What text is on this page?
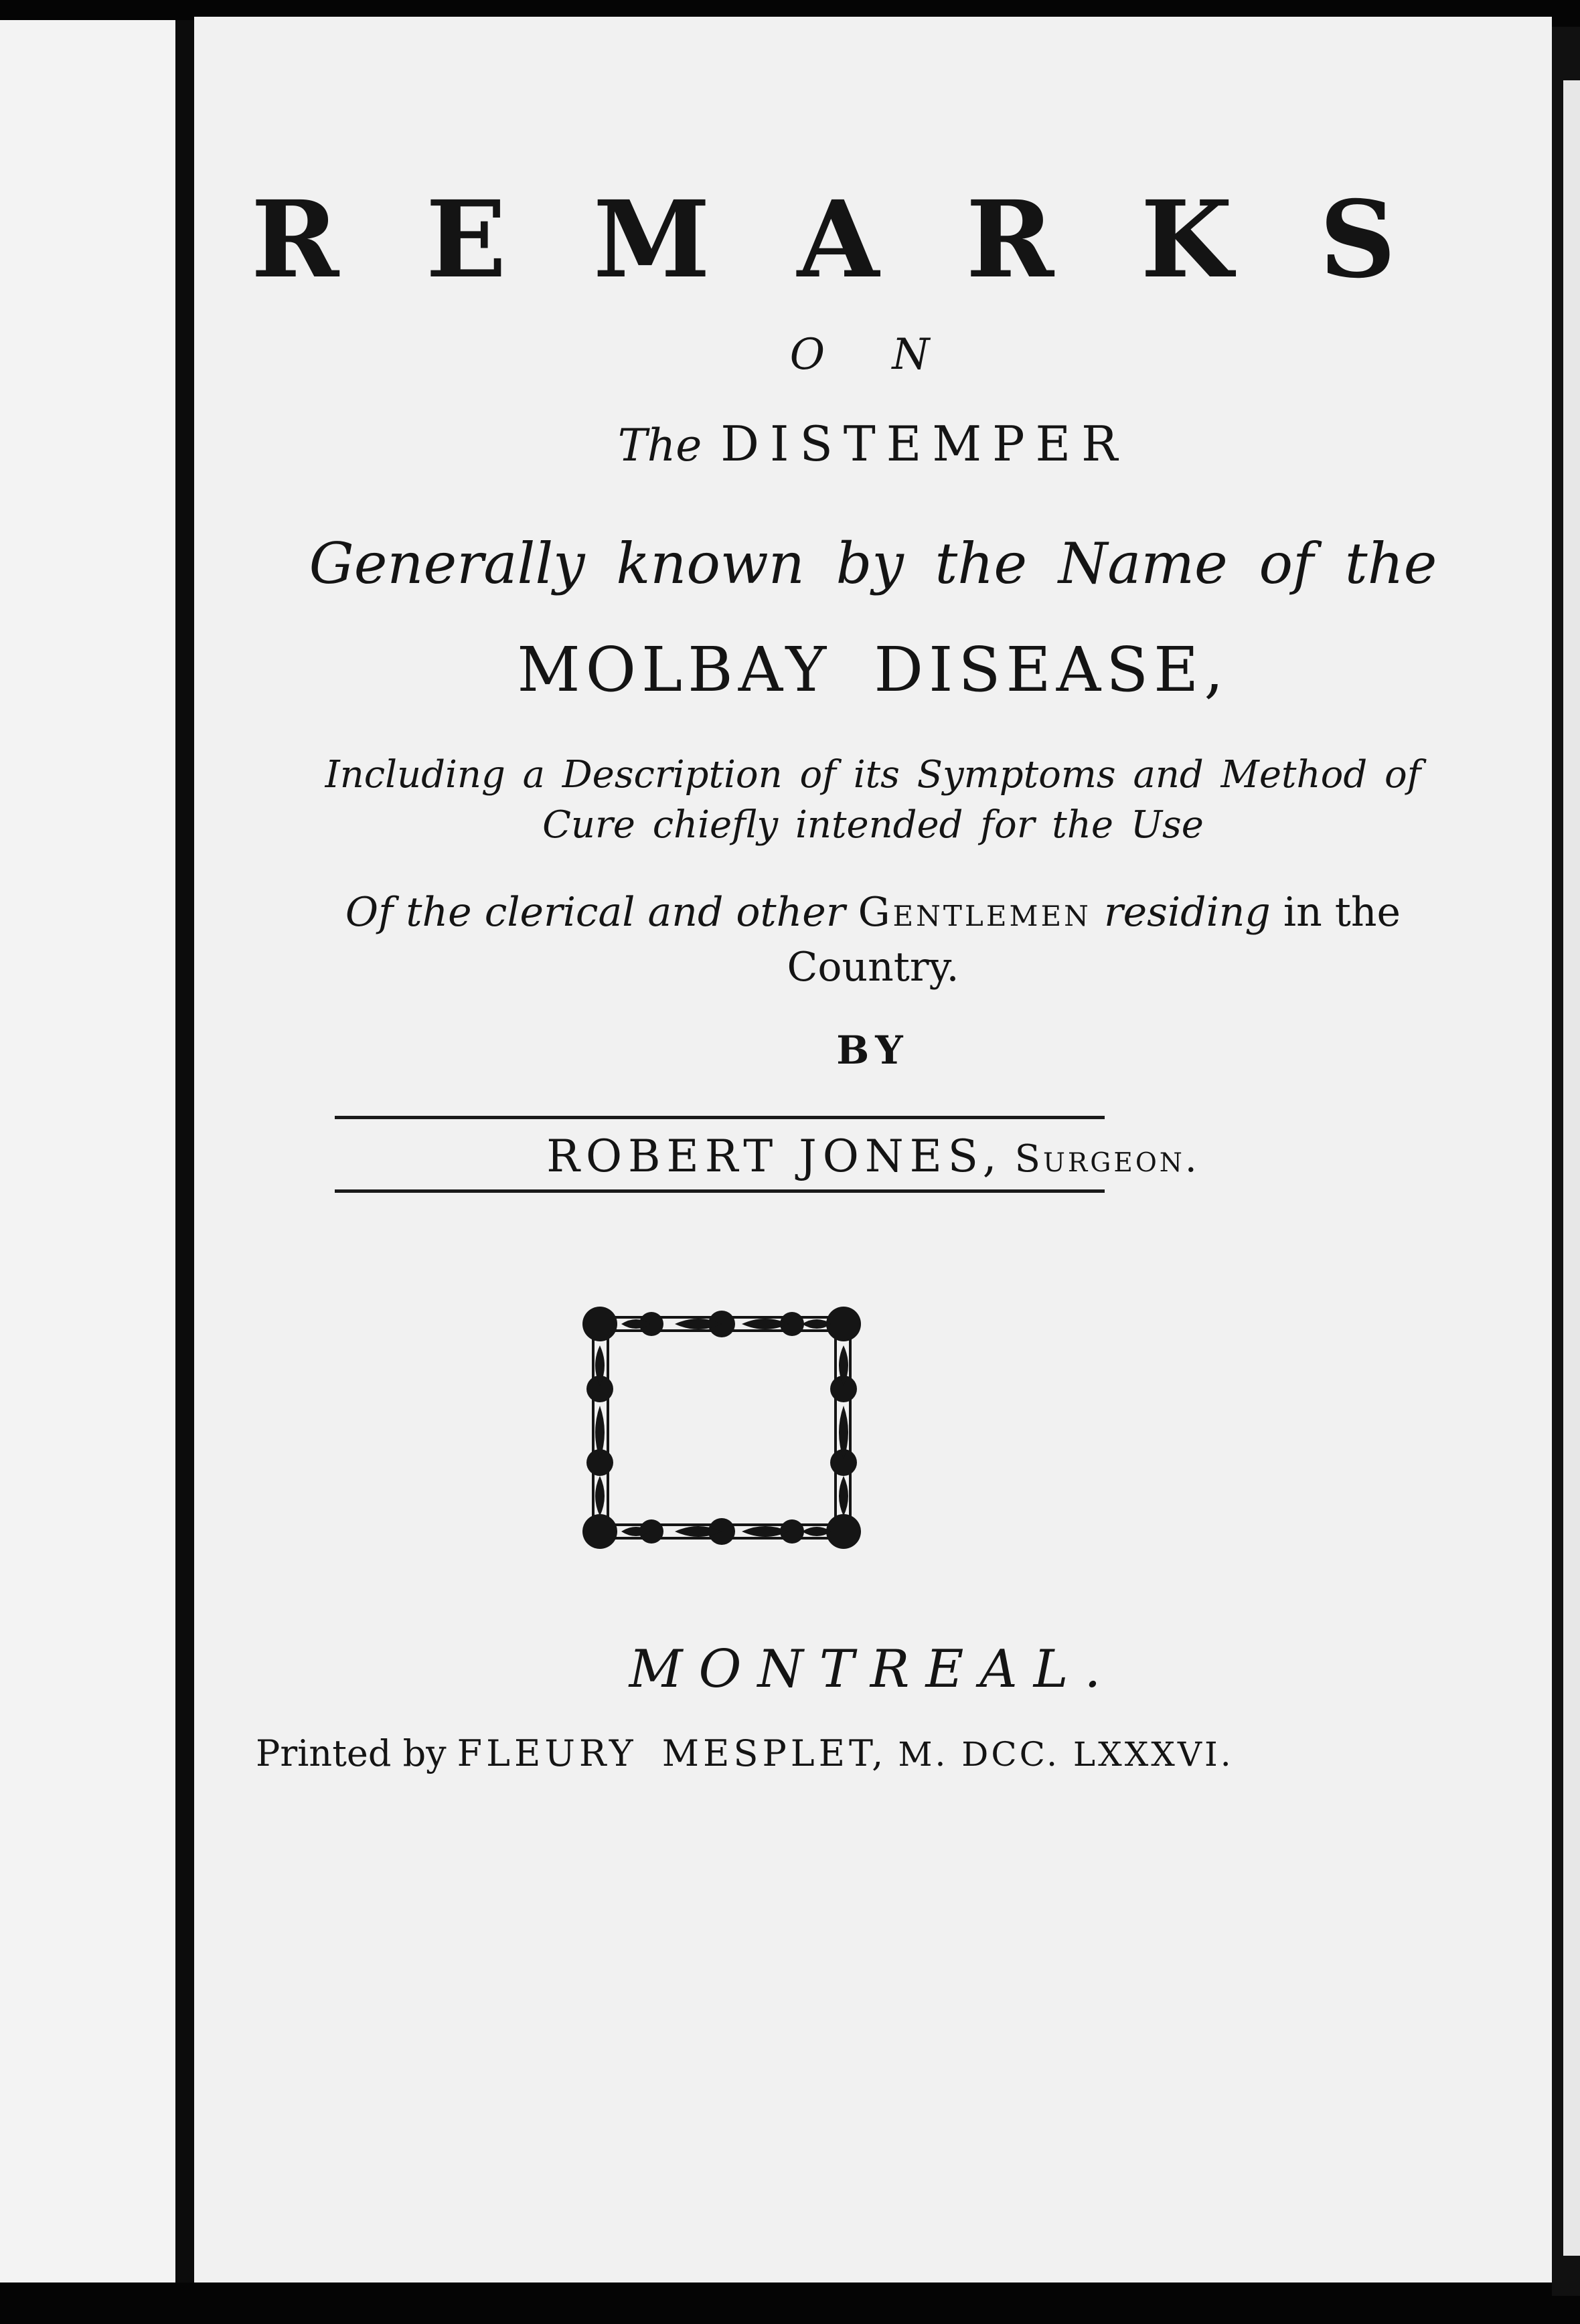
R E M A R K S
O N
The DISTEMPER
Generally known by the Name of the
MOLBAY DISEASE,
Including a Description of its Symptoms and Method of
Cure chiefly intended for the Use
Of the clerical and other Gentlemen residing in the
Country.
BY
ROBERT JONES, Surgeon.
MONTREAL.
Printed by FLEURY MESPLET, M. DCC. LXXXVI.
